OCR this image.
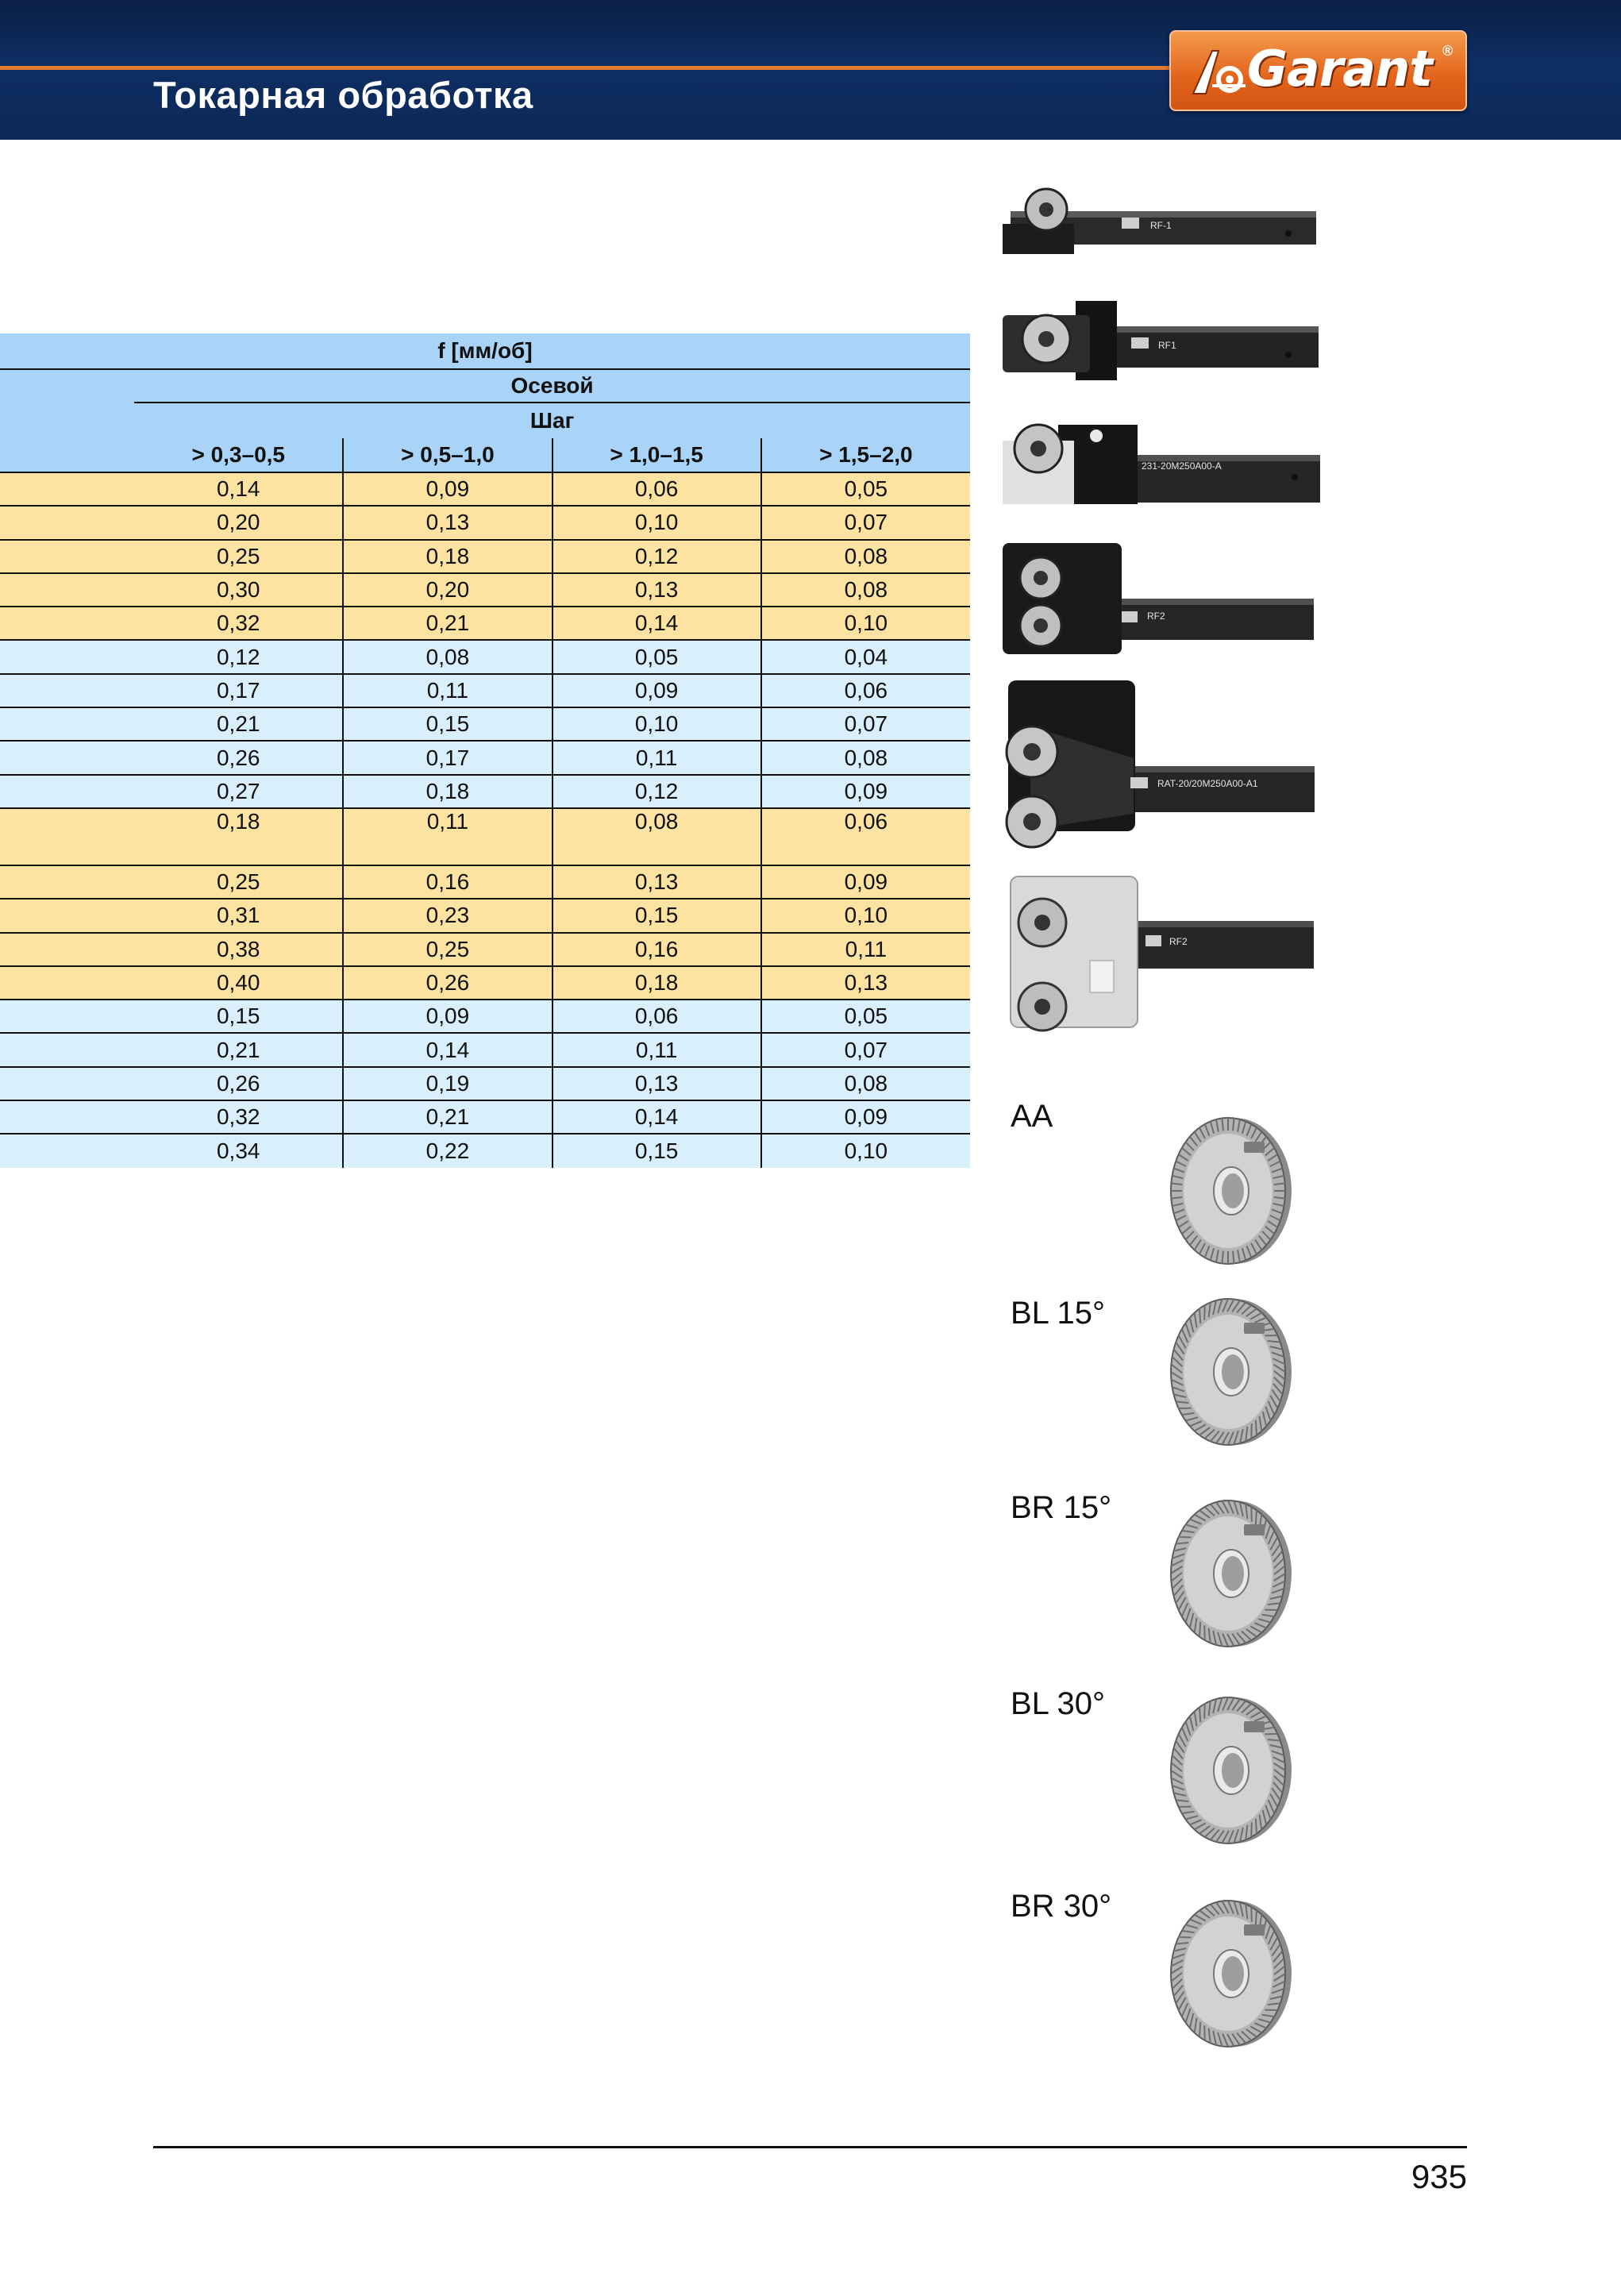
Токарная обработка	Garant ®
f [мм/об]				
	Осевой			
	Шаг			
	> 0,3–0,5	> 0,5–1,0	> 1,0–1,5	> 1,5–2,0
	0,14	0,09	0,06	0,05
	0,20	0,13	0,10	0,07
	0,25	0,18	0,12	0,08
	0,30	0,20	0,13	0,08
	0,32	0,21	0,14	0,10
	0,12	0,08	0,05	0,04
	0,17	0,11	0,09	0,06
	0,21	0,15	0,10	0,07
	0,26	0,17	0,11	0,08
	0,27	0,18	0,12	0,09
	0,18	0,11	0,08	0,06
	0,25	0,16	0,13	0,09
	0,31	0,23	0,15	0,10
	0,38	0,25	0,16	0,11
	0,40	0,26	0,18	0,13
	0,15	0,09	0,06	0,05
	0,21	0,14	0,11	0,07
	0,26	0,19	0,13	0,08
	0,32	0,21	0,14	0,09
	0,34	0,22	0,15	0,10
RF-1
RF1
231-20M250A00-A
RF2
RAT-20/20M250A00-A1
RF2
AA
BL 15°
BR 15°
BL 30°
BR 30°
935
